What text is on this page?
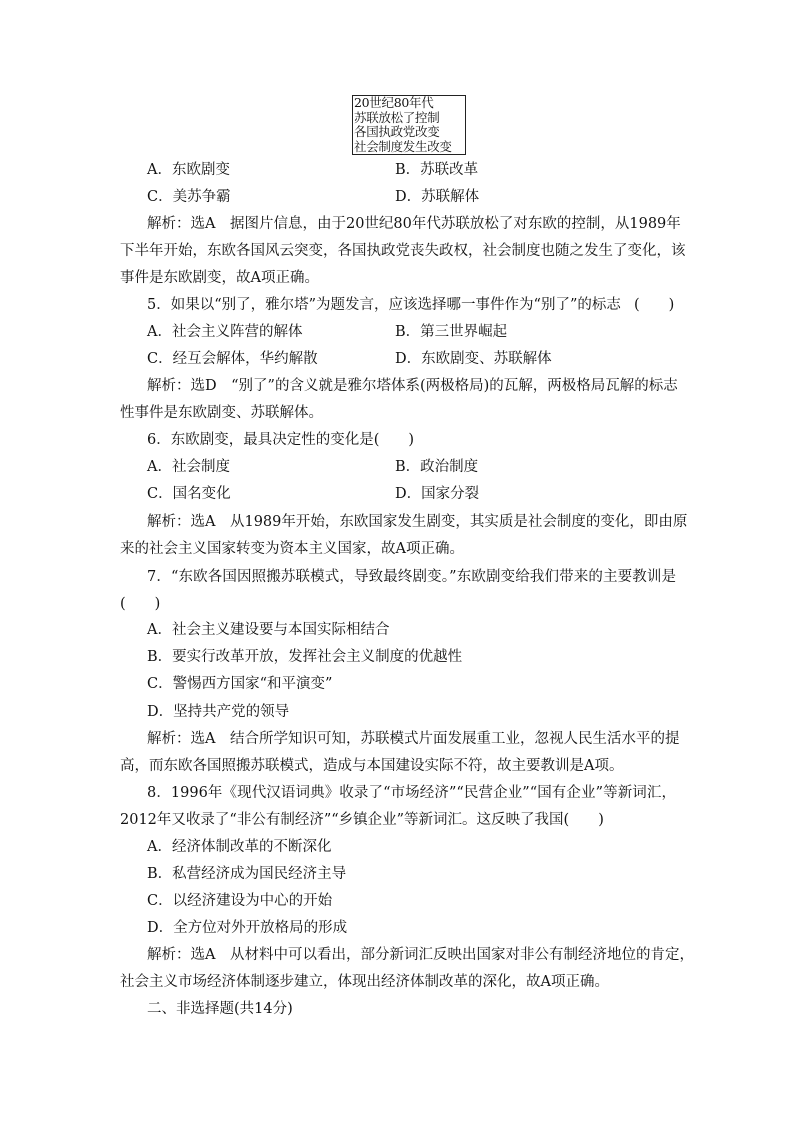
20世纪80年代
苏联放松了控制
各国执政党改变
社会制度发生改变
A．东欧剧变	B．苏联改革
C．美苏争霸	D．苏联解体
解析：选A　据图片信息，由于20世纪80年代苏联放松了对东欧的控制，从1989年
下半年开始，东欧各国风云突变，各国执政党丧失政权，社会制度也随之发生了变化，该
事件是东欧剧变，故A项正确。
5．如果以“别了，雅尔塔”为题发言，应该选择哪一事件作为“别了”的标志 (　　)
A．社会主义阵营的解体	B．第三世界崛起
C．经互会解体，华约解散	D．东欧剧变、苏联解体
解析：选D　“别了”的含义就是雅尔塔体系(两极格局)的瓦解，两极格局瓦解的标志
性事件是东欧剧变、苏联解体。
6．东欧剧变，最具决定性的变化是(　　)
A．社会制度	B．政治制度
C．国名变化	D．国家分裂
解析：选A　从1989年开始，东欧国家发生剧变，其实质是社会制度的变化，即由原
来的社会主义国家转变为资本主义国家，故A项正确。
7．“东欧各国因照搬苏联模式，导致最终剧变。”东欧剧变给我们带来的主要教训是
(　　)
A．社会主义建设要与本国实际相结合
B．要实行改革开放，发挥社会主义制度的优越性
C．警惕西方国家“和平演变”
D．坚持共产党的领导
解析：选A　结合所学知识可知，苏联模式片面发展重工业，忽视人民生活水平的提
高，而东欧各国照搬苏联模式，造成与本国建设实际不符，故主要教训是A项。
8．1996年《现代汉语词典》收录了“市场经济”“民营企业”“国有企业”等新词汇，
2012年又收录了“非公有制经济”“乡镇企业”等新词汇。这反映了我国(　　)
A．经济体制改革的不断深化
B．私营经济成为国民经济主导
C．以经济建设为中心的开始
D．全方位对外开放格局的形成
解析：选A　从材料中可以看出，部分新词汇反映出国家对非公有制经济地位的肯定，
社会主义市场经济体制逐步建立，体现出经济体制改革的深化，故A项正确。
二、非选择题(共14分)
